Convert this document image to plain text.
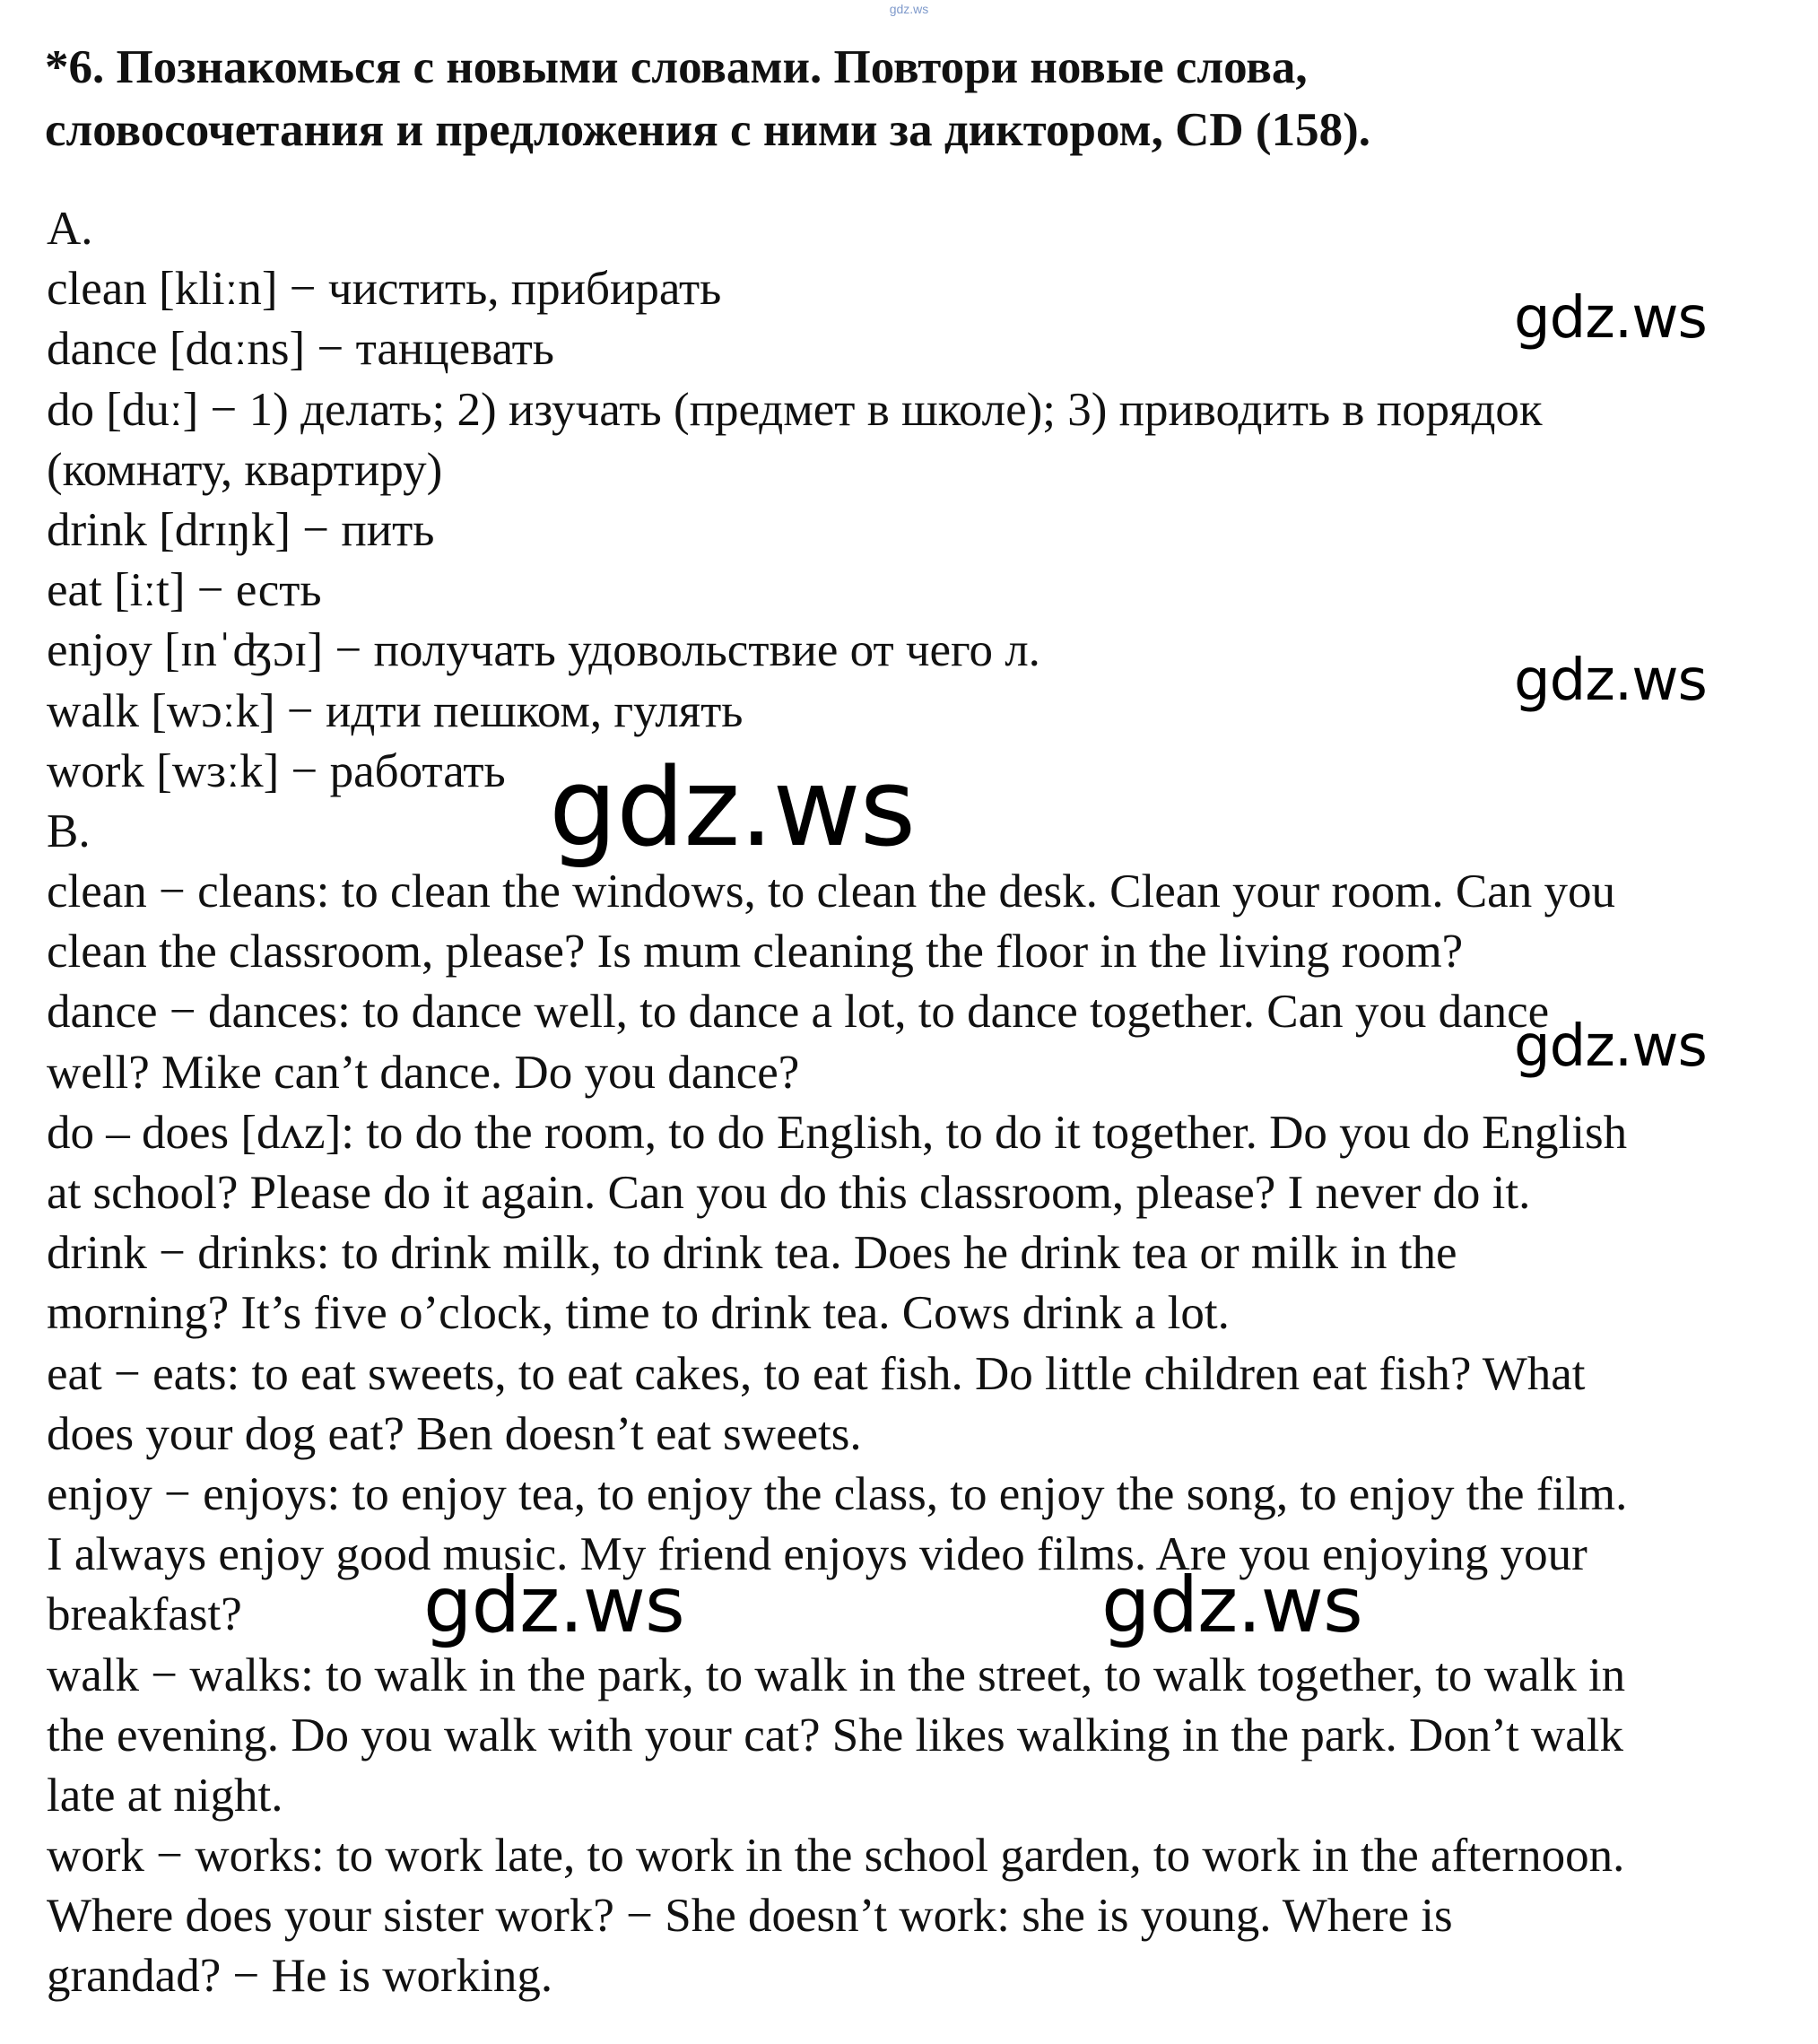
gdz.ws
*6. Познакомься с новыми словами. Повтори новые слова,
словосочетания и предложения с ними за диктором, CD (158).
A.
clean [kliːn] − чистить, прибирать
dance [dɑːns] − танцевать
do [duː] − 1) делать; 2) изучать (предмет в школе); 3) приводить в порядок
(комнату, квартиру)
drink [drɪŋk] − пить
eat [iːt] − есть
enjoy [ɪnˈʤɔɪ] − получать удовольствие от чего л.
walk [wɔːk] − идти пешком, гулять
work [wɜːk] − работать
B.
clean − cleans: to clean the windows, to clean the desk. Clean your room. Can you
clean the classroom, please? Is mum cleaning the floor in the living room?
dance − dances: to dance well, to dance a lot, to dance together. Can you dance
well? Mike can’t dance. Do you dance?
do – does [dʌz]: to do the room, to do English, to do it together. Do you do English
at school? Please do it again. Can you do this classroom, please? I never do it.
drink − drinks: to drink milk, to drink tea. Does he drink tea or milk in the
morning? It’s five o’clock, time to drink tea. Cows drink a lot.
eat − eats: to eat sweets, to eat cakes, to eat fish. Do little children eat fish? What
does your dog eat? Ben doesn’t eat sweets.
enjoy − enjoys: to enjoy tea, to enjoy the class, to enjoy the song, to enjoy the film.
I always enjoy good music. My friend enjoys video films. Are you enjoying your
breakfast?
walk − walks: to walk in the park, to walk in the street, to walk together, to walk in
the evening. Do you walk with your cat? She likes walking in the park. Don’t walk
late at night.
work − works: to work late, to work in the school garden, to work in the afternoon.
Where does your sister work? − She doesn’t work: she is young. Where is
grandad? − He is working.
gdz.ws
gdz.ws
gdz.ws
gdz.ws
gdz.ws	gdz.ws
